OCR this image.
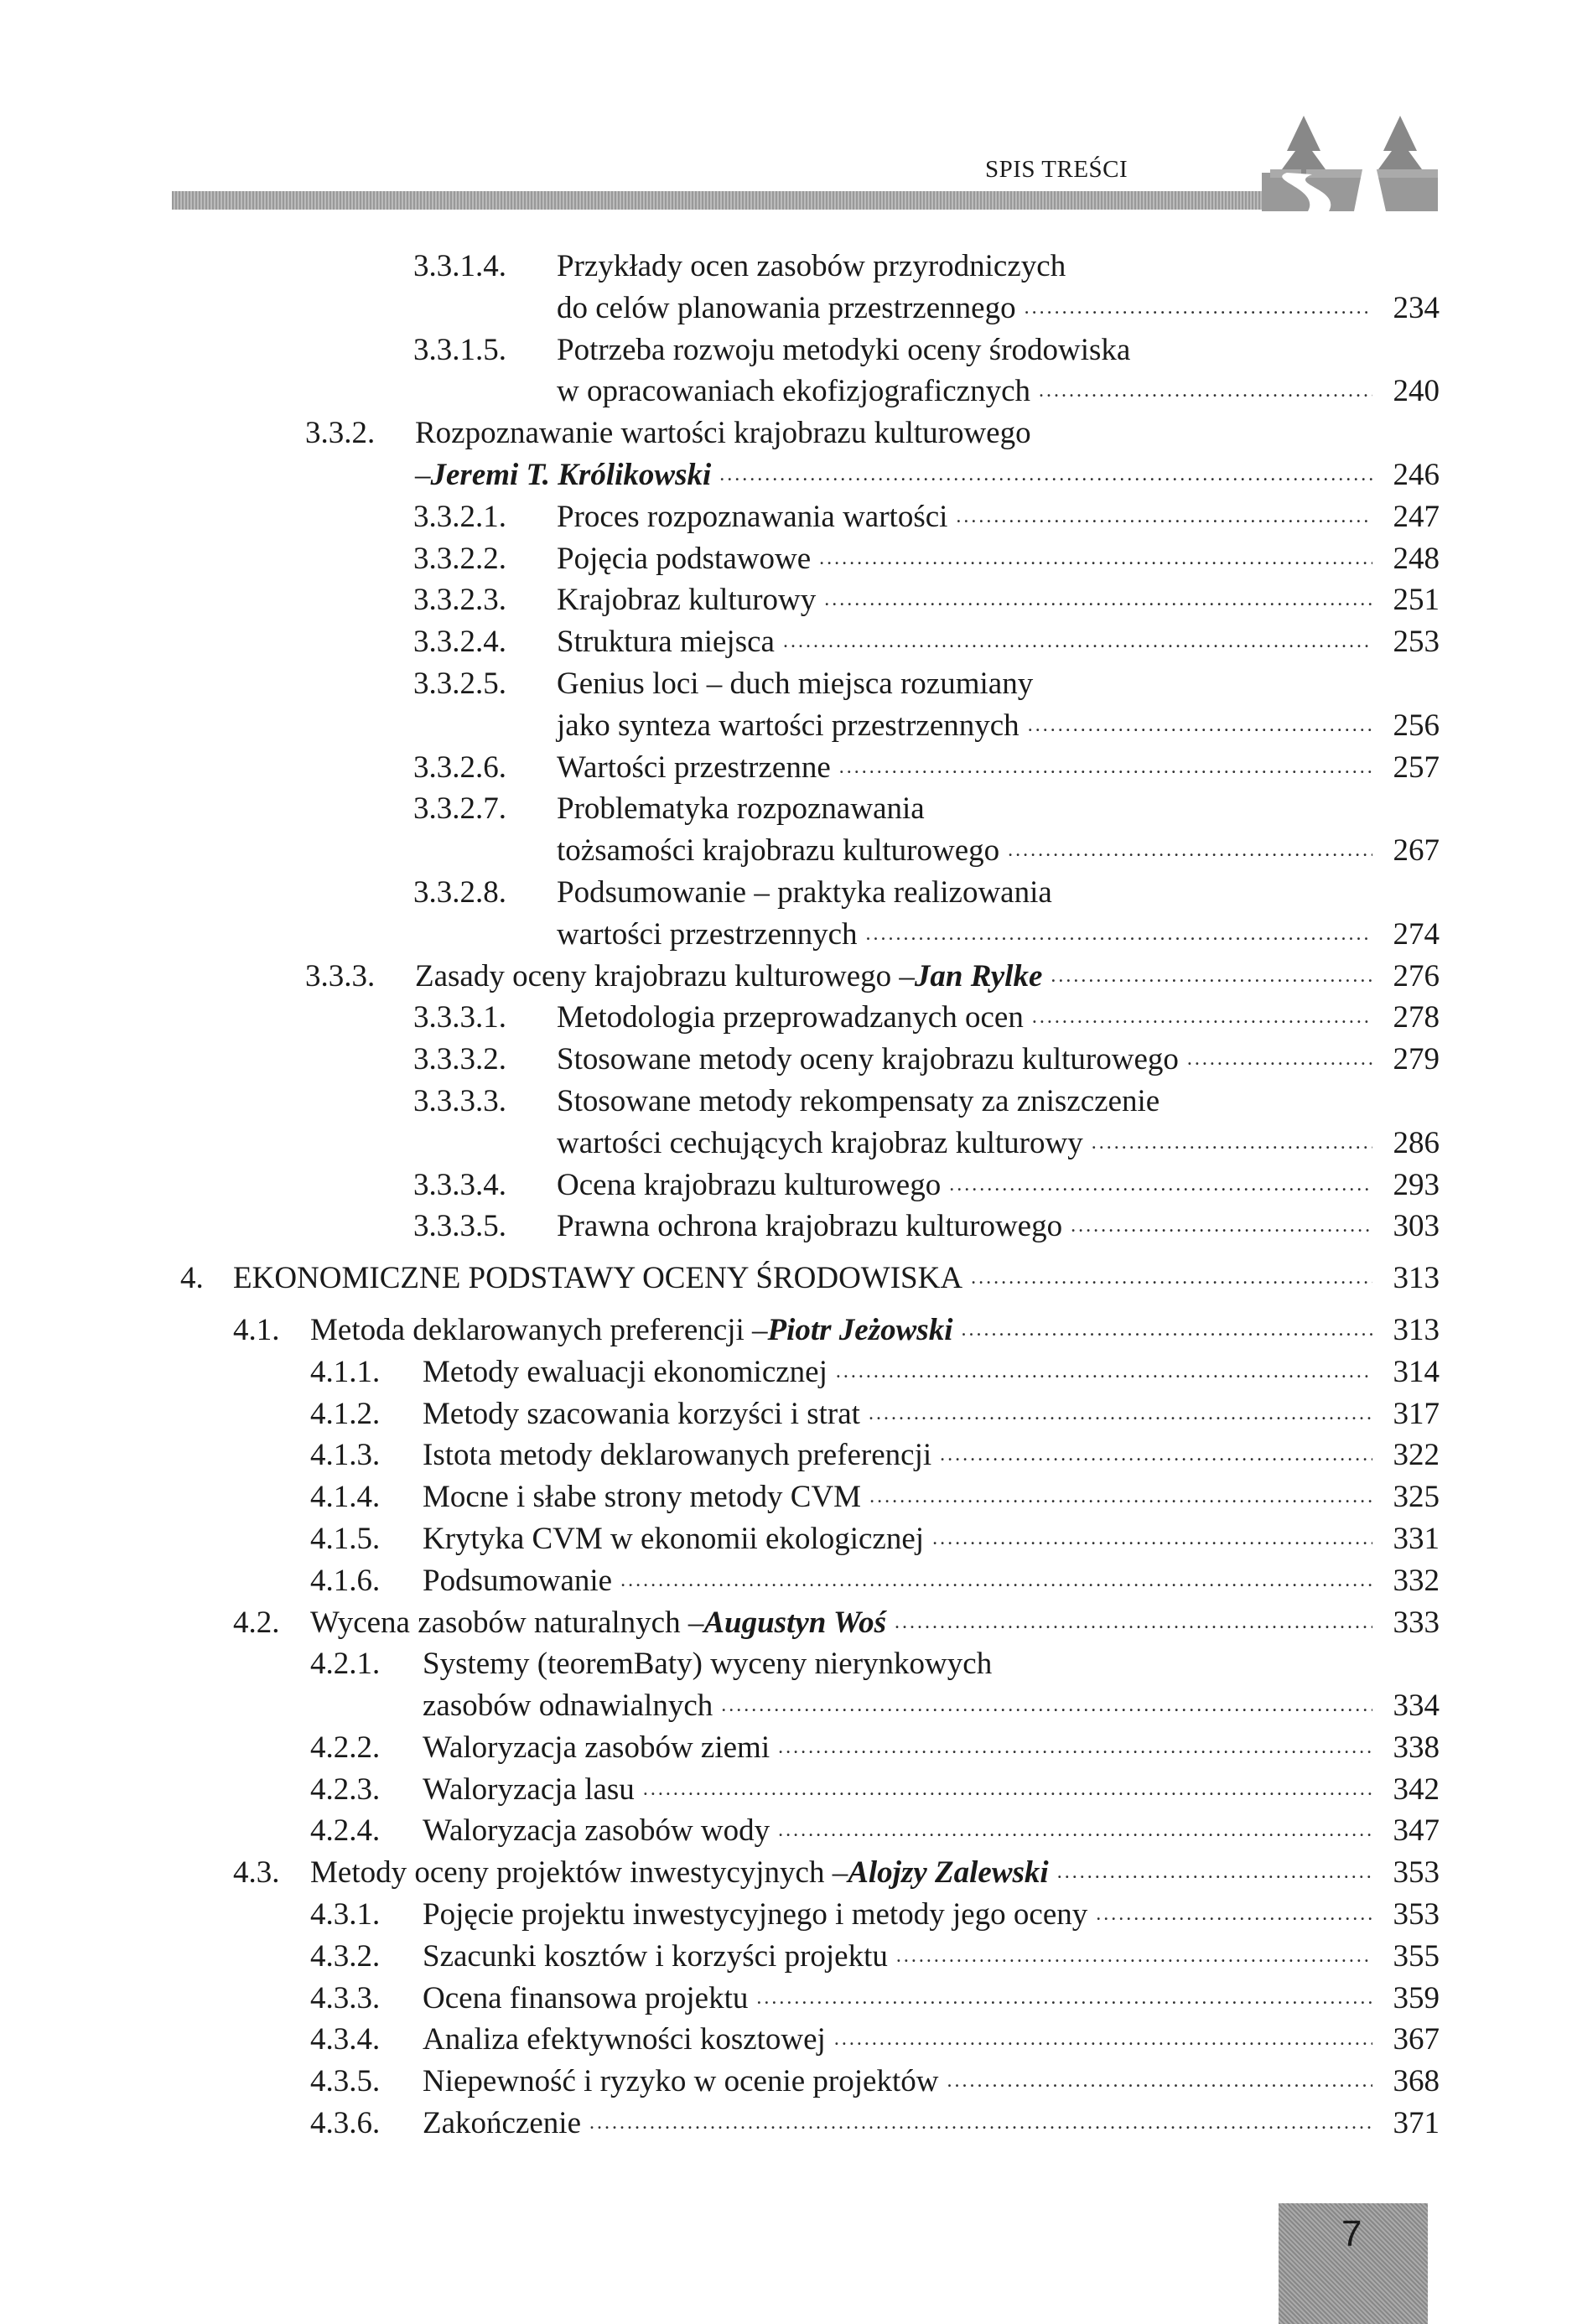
SPIS TREŚCI
3.3.1.4. Przykłady ocen zasobów przyrodniczych
do celów planowania przestrzennego .....	234
3.3.1.5. Potrzeba rozwoju metodyki oceny środowiska
w opracowaniach ekofizjograficznych .....	240
3.3.2. Rozpoznawanie wartości krajobrazu kulturowego
– Jeremi T. Królikowski .....	246
3.3.2.1. Proces rozpoznawania wartości .....	247
3.3.2.2. Pojęcia podstawowe .....	248
3.3.2.3. Krajobraz kulturowy .....	251
3.3.2.4. Struktura miejsca .....	253
3.3.2.5. Genius loci – duch miejsca rozumiany
jako synteza wartości przestrzennych .....	256
3.3.2.6. Wartości przestrzenne .....	257
3.3.2.7. Problematyka rozpoznawania
tożsamości krajobrazu kulturowego .....	267
3.3.2.8. Podsumowanie – praktyka realizowania
wartości przestrzennych .....	274
3.3.3. Zasady oceny krajobrazu kulturowego – Jan Rylke .....	276
3.3.3.1. Metodologia przeprowadzanych ocen .....	278
3.3.3.2. Stosowane metody oceny krajobrazu kulturowego .....	279
3.3.3.3. Stosowane metody rekompensaty za zniszczenie
wartości cechujących krajobraz kulturowy .....	286
3.3.3.4. Ocena krajobrazu kulturowego .....	293
3.3.3.5. Prawna ochrona krajobrazu kulturowego .....	303
4. EKONOMICZNE PODSTAWY OCENY ŚRODOWISKA .....	313
4.1. Metoda deklarowanych preferencji – Piotr Jeżowski .....	313
4.1.1. Metody ewaluacji ekonomicznej .....	314
4.1.2. Metody szacowania korzyści i strat .....	317
4.1.3. Istota metody deklarowanych preferencji .....	322
4.1.4. Mocne i słabe strony metody CVM .....	325
4.1.5. Krytyka CVM w ekonomii ekologicznej .....	331
4.1.6. Podsumowanie .....	332
4.2. Wycena zasobów naturalnych – Augustyn Woś .....	333
4.2.1. Systemy (teoremBaty) wyceny nierynkowych
zasobów odnawialnych .....	334
4.2.2. Waloryzacja zasobów ziemi .....	338
4.2.3. Waloryzacja lasu .....	342
4.2.4. Waloryzacja zasobów wody .....	347
4.3. Metody oceny projektów inwestycyjnych – Alojzy Zalewski .....	353
4.3.1. Pojęcie projektu inwestycyjnego i metody jego oceny .....	353
4.3.2. Szacunki kosztów i korzyści projektu .....	355
4.3.3. Ocena finansowa projektu .....	359
4.3.4. Analiza efektywności kosztowej .....	367
4.3.5. Niepewność i ryzyko w ocenie projektów .....	368
4.3.6. Zakończenie .....	371
7
